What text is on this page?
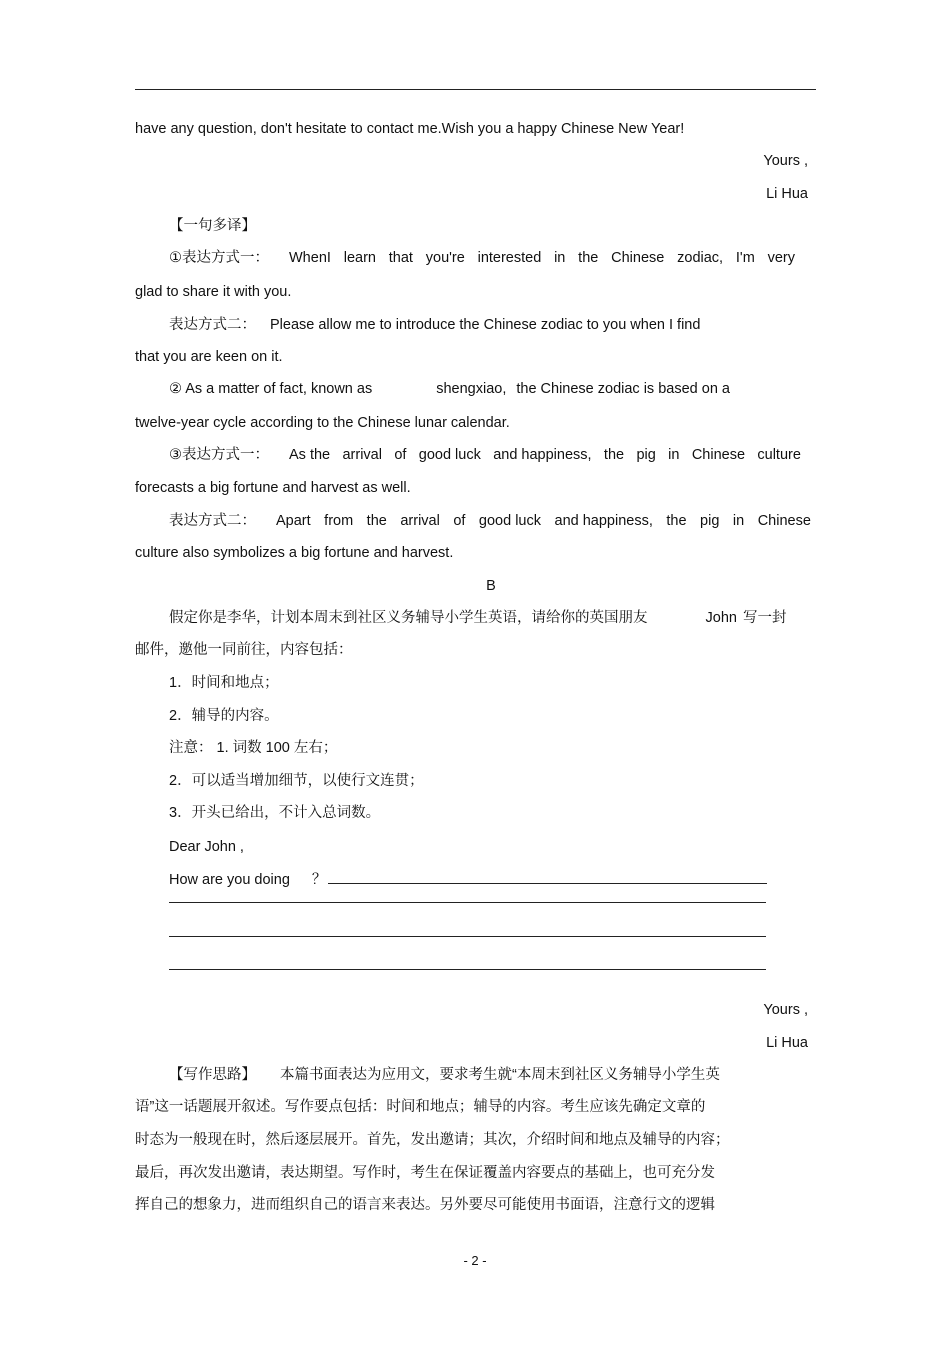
have any question, don't hesitate to contact me.Wish you a happy Chinese New Year!
Yours ,
Li Hua
【一句多译】
①表达方式一： WhenI learn that you're interested in the Chinese zodiac, I'm very
glad to share it with you.
表达方式二： Please allow me to introduce the Chinese zodiac to you when I find
that you are keen on it.
② As a matter of fact, known as	shengxiao, the Chinese zodiac is based on a
twelve-year cycle according to the Chinese lunar calendar.
③表达方式一： As the arrival of good luck and happiness, the pig in Chinese culture
forecasts a big fortune and harvest as well.
表达方式二： Apart from the arrival of good luck and happiness, the pig in Chinese
culture also symbolizes a big fortune and harvest.
B
假定你是李华，计划本周末到社区义务辅导小学生英语，请给你的英国朋友	John 写一封
邮件，邀他一同前往，内容包括：
1．时间和地点；
2．辅导的内容。
注意： 1. 词数 100 左右；
2．可以适当增加细节，以使行文连贯；
3．开头已给出，不计入总词数。
Dear John ,
How are you doing ？
Yours ,
Li Hua
【写作思路】 本篇书面表达为应用文，要求考生就“本周末到社区义务辅导小学生英
语”这一话题展开叙述。写作要点包括：时间和地点；辅导的内容。考生应该先确定文章的
时态为一般现在时，然后逐层展开。首先，发出邀请；其次，介绍时间和地点及辅导的内容；
最后，再次发出邀请，表达期望。写作时，考生在保证覆盖内容要点的基础上，也可充分发
挥自己的想象力，进而组织自己的语言来表达。另外要尽可能使用书面语，注意行文的逻辑
- 2 -
